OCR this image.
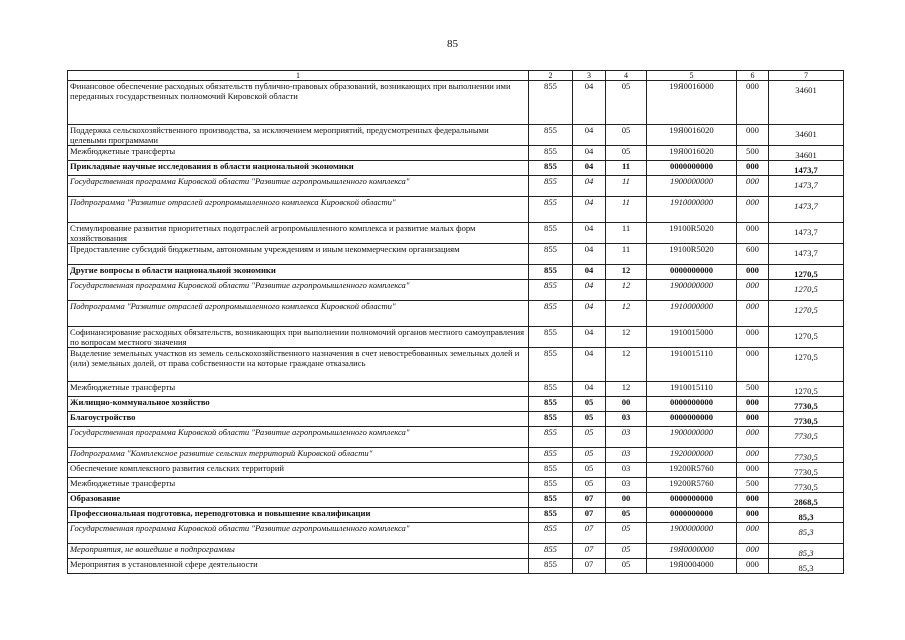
85
1	2	3	4	5	6	7
Финансовое обеспечение расходных обязательств публично-правовых образований, возникающих при выполнении ими переданных государственных полномочий Кировской области	855	04	05	19Я0016000	000	34601

Поддержка сельскохозяйственного производства, за исключением мероприятий, предусмотренных федеральными целевыми программами	855	04	05	19Я0016020	000	34601

Межбюджетные трансферты	855	04	05	19Я0016020	500	34601

Прикладные научные исследования в области национальной экономики	855	04	11	0000000000	000	1473,7

Государственная программа Кировской области "Развитие агропромышленного комплекса"	855	04	11	1900000000	000	1473,7

Подпрограмма "Развитие отраслей агропромышленного комплекса Кировской области"	855	04	11	1910000000	000	1473,7

Стимулирование развития приоритетных подотраслей агропромышленного комплекса и развитие малых форм хозяйствования	855	04	11	19100R5020	000	1473,7

Предоставление субсидий бюджетным, автономным учреждениям и иным некоммерческим организациям	855	04	11	19100R5020	600	1473,7

Другие вопросы в области национальной экономики	855	04	12	0000000000	000	1270,5

Государственная программа Кировской области "Развитие агропромышленного комплекса"	855	04	12	1900000000	000	1270,5

Подпрограмма "Развитие отраслей агропромышленного комплекса Кировской области"	855	04	12	1910000000	000	1270,5

Софинансирование расходных обязательств, возникающих при выполнении полномочий органов местного самоуправления по вопросам местного значения	855	04	12	1910015000	000	1270,5

Выделение земельных участков из земель сельскохозяйственного назначения в счет невостребованных земельных долей и (или) земельных долей, от права собственности на которые граждане отказались	855	04	12	1910015110	000	1270,5

Межбюджетные трансферты	855	04	12	1910015110	500	1270,5

Жилищно-коммунальное хозяйство	855	05	00	0000000000	000	7730,5

Благоустройство	855	05	03	0000000000	000	7730,5

Государственная программа Кировской области "Развитие агропромышленного комплекса"	855	05	03	1900000000	000	7730,5

Подпрограмма "Комплексное развитие сельских территорий Кировской области"	855	05	03	1920000000	000	7730,5

Обеспечение комплексного развития сельских территорий	855	05	03	19200R5760	000	7730,5

Межбюджетные трансферты	855	05	03	19200R5760	500	7730,5

Образование	855	07	00	0000000000	000	2868,5

Профессиональная подготовка, переподготовка и повышение квалификации	855	07	05	0000000000	000	85,3

Государственная программа Кировской области "Развитие агропромышленного комплекса"	855	07	05	1900000000	000	85,3

Мероприятия, не вошедшие в подпрограммы	855	07	05	19Я0000000	000	85,3

Мероприятия в установленной сфере деятельности	855	07	05	19Я0004000	000	85,3
